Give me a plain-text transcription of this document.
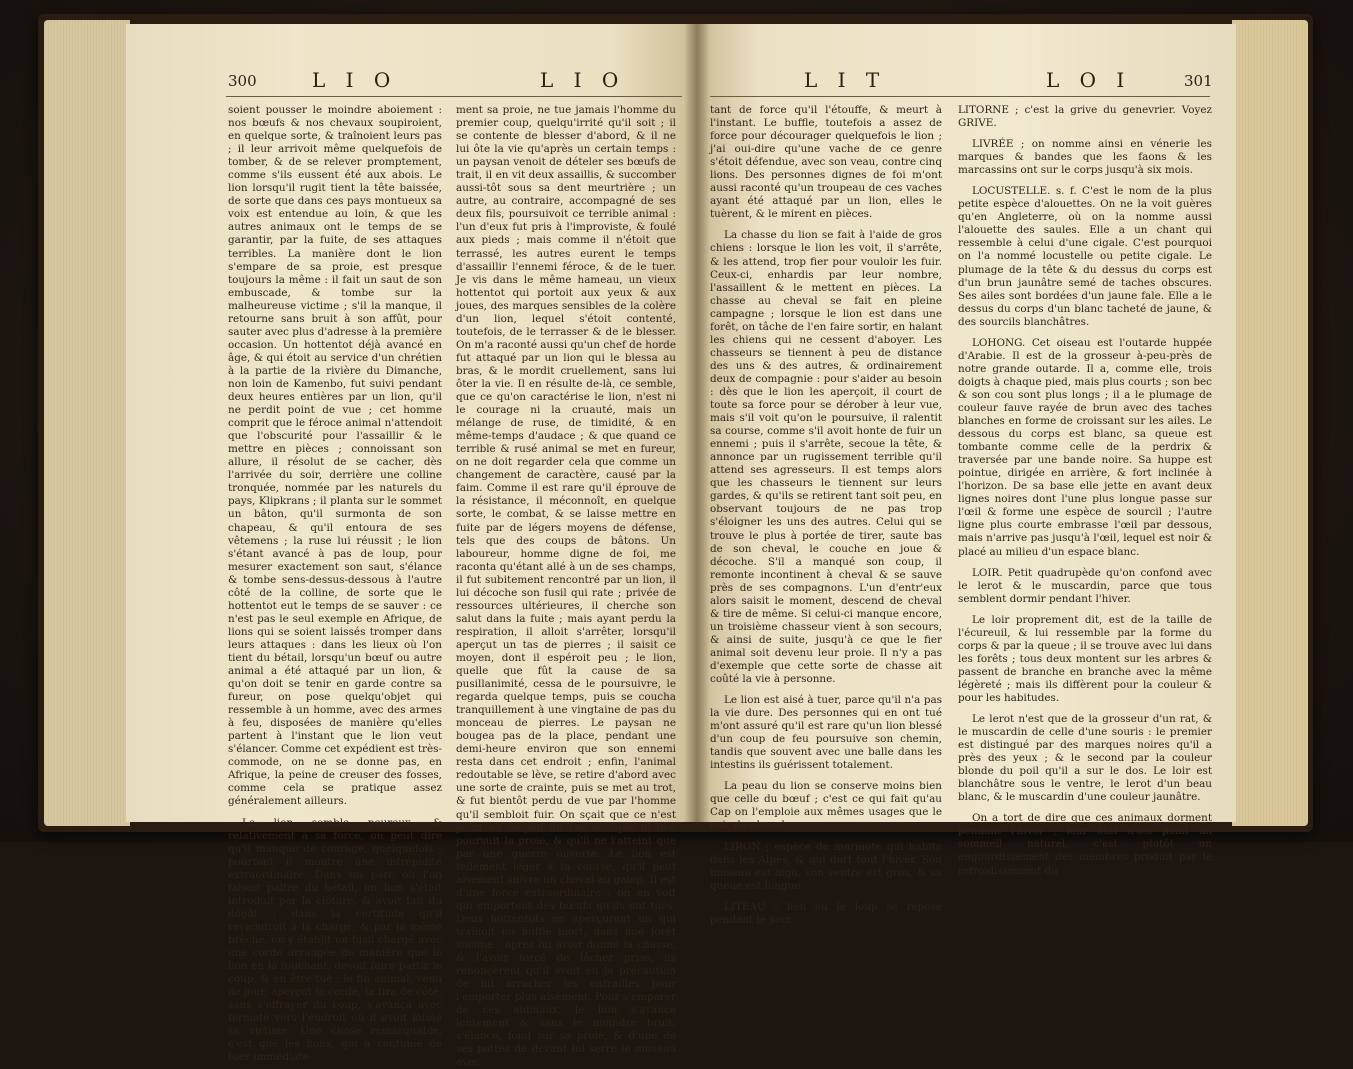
300	L I O	L I O

soient pousser le moindre aboiement : nos bœufs & nos chevaux soupiroient, en quelque sorte, & traînoient leurs pas ; il leur arrivoit même quelquefois de tomber, & de se relever promptement, comme s'ils eussent été aux abois. Le lion lorsqu'il rugit tient la tête baissée, de sorte que dans ces pays montueux sa voix est entendue au loin, & que les autres animaux ont le temps de se garantir, par la fuite, de ses attaques terribles. La manière dont le lion s'empare de sa proie, est presque toujours la même : il fait un saut de son embuscade, & tombe sur la malheureuse victime ; s'il la manque, il retourne sans bruit à son affût, pour sauter avec plus d'adresse à la première occasion. Un hottentot déjà avancé en âge, & qui étoit au service d'un chrétien à la partie de la rivière du Dimanche, non loin de Kamenbo, fut suivi pendant deux heures entières par un lion, qu'il ne perdit point de vue ; cet homme comprit que le féroce animal n'attendoit que l'obscurité pour l'assaillir & le mettre en pièces ; connoissant son allure, il résolut de se cacher, dès l'arrivée du soir, derrière une colline tronquée, nommée par les naturels du pays, Klipkrans ; il planta sur le sommet un bâton, qu'il surmonta de son chapeau, & qu'il entoura de ses vêtemens ; la ruse lui réussit ; le lion s'étant avancé à pas de loup, pour mesurer exactement son saut, s'élance & tombe sens-dessus-dessous à l'autre côté de la colline, de sorte que le hottentot eut le temps de se sauver : ce n'est pas le seul exemple en Afrique, de lions qui se soient laissés tromper dans leurs attaques : dans les lieux où l'on tient du bétail, lorsqu'un bœuf ou autre animal a été attaqué par un lion, & qu'on doit se tenir en garde contre sa fureur, on pose quelqu'objet qui ressemble à un homme, avec des armes à feu, disposées de manière qu'elles partent à l'instant que le lion veut s'élancer. Comme cet expédient est très-commode, on ne se donne pas, en Afrique, la peine de creuser des fosses, comme cela se pratique assez généralement ailleurs.

Le lion semble peureux, & relativement à sa force, on peut dire qu'il manque de courage, quelquefois ; pourtant il montre une intrépidité extraordinaire. Dans un parc où l'on faisoit paître du bétail, un lion s'étoit introduit par la clôture, & avoit fait du dégât ; dans la certitude qu'il reviendroit à la charge, & par la même brèche, on y établit un fusil chargé avec une corde arrangée de manière que le lion en la touchant, devoit faire partir le coup, & en être tué ; le fin animal, venu de jour, aperçut la corde, la tira de côté, sans s'effrayer du coup, s'avança avec fermeté vers l'endroit où il avoit laissé sa victime. Une chose remarquable, c'est que les lions, qui a coutume de tuer immédiate-

ment sa proie, ne tue jamais l'homme du premier coup, quelqu'irrité qu'il soit ; il se contente de blesser d'abord, & il ne lui ôte la vie qu'après un certain temps : un paysan venoit de dételer ses bœufs de trait, il en vit deux assaillis, & succomber aussi-tôt sous sa dent meurtrière ; un autre, au contraire, accompagné de ses deux fils, poursuivoit ce terrible animal : l'un d'eux fut pris à l'improviste, & foulé aux pieds ; mais comme il n'étoit que terrassé, les autres eurent le temps d'assaillir l'ennemi féroce, & de le tuer. Je vis dans le même hameau, un vieux hottentot qui portoit aux yeux & aux joues, des marques sensibles de la colère d'un lion, lequel s'étoit contenté, toutefois, de le terrasser & de le blesser. On m'a raconté aussi qu'un chef de horde fut attaqué par un lion qui le blessa au bras, & le mordit cruellement, sans lui ôter la vie. Il en résulte de-là, ce semble, que ce qu'on caractérise le lion, n'est ni le courage ni la cruauté, mais un mélange de ruse, de timidité, & en même-temps d'audace ; & que quand ce terrible & rusé animal se met en fureur, on ne doit regarder cela que comme un changement de caractère, causé par la faim. Comme il est rare qu'il éprouve de la résistance, il méconnoît, en quelque sorte, le combat, & se laisse mettre en fuite par de légers moyens de défense, tels que des coups de bâtons. Un laboureur, homme digne de foi, me raconta qu'étant allé à un de ses champs, il fut subitement rencontré par un lion, il lui décoche son fusil qui rate ; privée de ressources ultérieures, il cherche son salut dans la fuite ; mais ayant perdu la respiration, il alloit s'arrêter, lorsqu'il aperçut un tas de pierres ; il saisit ce moyen, dont il espéroit peu ; le lion, quelle que fût la cause de sa pusillanimité, cessa de le poursuivre, le regarda quelque temps, puis se coucha tranquillement à une vingtaine de pas du monceau de pierres. Le paysan ne bougea pas de la place, pendant une demi-heure environ que son ennemi resta dans cet endroit ; enfin, l'animal redoutable se lève, se retire d'abord avec une sorte de crainte, puis se met au trot, & fut bientôt perdu de vue par l'homme qu'il sembloit fuir. On sçait que ce n'est point au moyen de l'odorat que le lion poursuit la proie, & qu'il ne l'atteint que par une guerre ouverte. Le lion est tellement léger à la course, qu'il peut aisément suivre un cheval au galop. Il est d'une force extraordinaire : on en voit qui emportent des bœufs qu'ils ont tués. Deux hottentots en aperçurent un qui traînoit un buffle mort, dans une forêt voisine : après lui avoir donné la chasse, & l'avoir forcé de lâcher prise, ils renonçèrent qu'il avoit eu la précaution de lui arracher les entrailles pour l'emporter plus aisément. Pour s'emparer de ces animaux, le lion s'avance lentement & sans le moindre bruit, s'élance, fond sur sa proie, & d'une de ses pattes de devant lui serre le museau avec

L I T	L O I	301

tant de force qu'il l'étouffe, & meurt à l'instant. Le buffle, toutefois a assez de force pour décourager quelquefois le lion ; j'ai oui-dire qu'une vache de ce genre s'étoit défendue, avec son veau, contre cinq lions. Des personnes dignes de foi m'ont aussi raconté qu'un troupeau de ces vaches ayant été attaqué par un lion, elles le tuèrent, & le mirent en pièces.

La chasse du lion se fait à l'aide de gros chiens : lorsque le lion les voit, il s'arrête, & les attend, trop fier pour vouloir les fuir. Ceux-ci, enhardis par leur nombre, l'assaillent & le mettent en pièces. La chasse au cheval se fait en pleine campagne ; lorsque le lion est dans une forêt, on tâche de l'en faire sortir, en halant les chiens qui ne cessent d'aboyer. Les chasseurs se tiennent à peu de distance des uns & des autres, & ordinairement deux de compagnie : pour s'aider au besoin : dès que le lion les aperçoit, il court de toute sa force pour se dérober à leur vue, mais s'il voit qu'on le poursuive, il ralentit sa course, comme s'il avoit honte de fuir un ennemi ; puis il s'arrête, secoue la tête, & annonce par un rugissement terrible qu'il attend ses agresseurs. Il est temps alors que les chasseurs le tiennent sur leurs gardes, & qu'ils se retirent tant soit peu, en observant toujours de ne pas trop s'éloigner les uns des autres. Celui qui se trouve le plus à portée de tirer, saute bas de son cheval, le couche en joue & décoche. S'il a manqué son coup, il remonte incontinent à cheval & se sauve près de ses compagnons. L'un d'entr'eux alors saisit le moment, descend de cheval & tire de même. Si celui-ci manque encore, un troisième chasseur vient à son secours, & ainsi de suite, jusqu'à ce que le fier animal soit devenu leur proie. Il n'y a pas d'exemple que cette sorte de chasse ait coûté la vie à personne.

Le lion est aisé à tuer, parce qu'il n'a pas la vie dure. Des personnes qui en ont tué m'ont assuré qu'il est rare qu'un lion blessé d'un coup de feu poursuive son chemin, tandis que souvent avec une balle dans les intestins ils guérissent totalement.

La peau du lion se conserve moins bien que celle du bœuf ; c'est ce qui fait qu'au Cap on l'emploie aux mêmes usages que le cuir du cheval.

LIRON ; espèce de marmote qui habite dans les Alpes, & qui dort tout l'hiver. Son museau est aigu, son ventre est gros, & sa queue est longue.

LITEAU ; lieu où le loup se repose pendant le jour.

LITORNE ; c'est la grive du genevrier. Voyez GRIVE.

LIVRÉE ; on nomme ainsi en vénerie les marques & bandes que les faons & les marcassins ont sur le corps jusqu'à six mois.

LOCUSTELLE. s. f. C'est le nom de la plus petite espèce d'alouettes. On ne la voit guères qu'en Angleterre, où on la nomme aussi l'alouette des saules. Elle a un chant qui ressemble à celui d'une cigale. C'est pourquoi on l'a nommé locustelle ou petite cigale. Le plumage de la tête & du dessus du corps est d'un brun jaunâtre semé de taches obscures. Ses ailes sont bordées d'un jaune fale. Elle a le dessus du corps d'un blanc tacheté de jaune, & des sourcils blanchâtres.

LOHONG. Cet oiseau est l'outarde huppée d'Arabie. Il est de la grosseur à-peu-près de notre grande outarde. Il a, comme elle, trois doigts à chaque pied, mais plus courts ; son bec & son cou sont plus longs ; il a le plumage de couleur fauve rayée de brun avec des taches blanches en forme de croissant sur les ailes. Le dessous du corps est blanc, sa queue est tombante comme celle de la perdrix & traversée par une bande noire. Sa huppe est pointue, dirigée en arrière, & fort inclinée à l'horizon. De sa base elle jette en avant deux lignes noires dont l'une plus longue passe sur l'œil & forme une espèce de sourcil ; l'autre ligne plus courte embrasse l'œil par dessous, mais n'arrive pas jusqu'à l'œil, lequel est noir & placé au milieu d'un espace blanc.

LOIR. Petit quadrupède qu'on confond avec le lerot & le muscardin, parce que tous semblent dormir pendant l'hiver.

Le loir proprement dit, est de la taille de l'écureuil, & lui ressemble par la forme du corps & par la queue ; il se trouve avec lui dans les forêts ; tous deux montent sur les arbres & passent de branche en branche avec la même légèreté ; mais ils diffèrent pour la couleur & pour les habitudes.

Le lerot n'est que de la grosseur d'un rat, & le muscardin de celle d'une souris : le premier est distingué par des marques noires qu'il a près des yeux ; & le second par la couleur blonde du poil qu'il a sur le dos. Le loir est blanchâtre sous le ventre, le lerot d'un beau blanc, & le muscardin d'une couleur jaunâtre.

On a tort de dire que ces animaux dorment pendant l'hiver ; leur état n'est point un sommeil naturel, c'est plutôt un engourdissement des membres produit par le refroidissement du
